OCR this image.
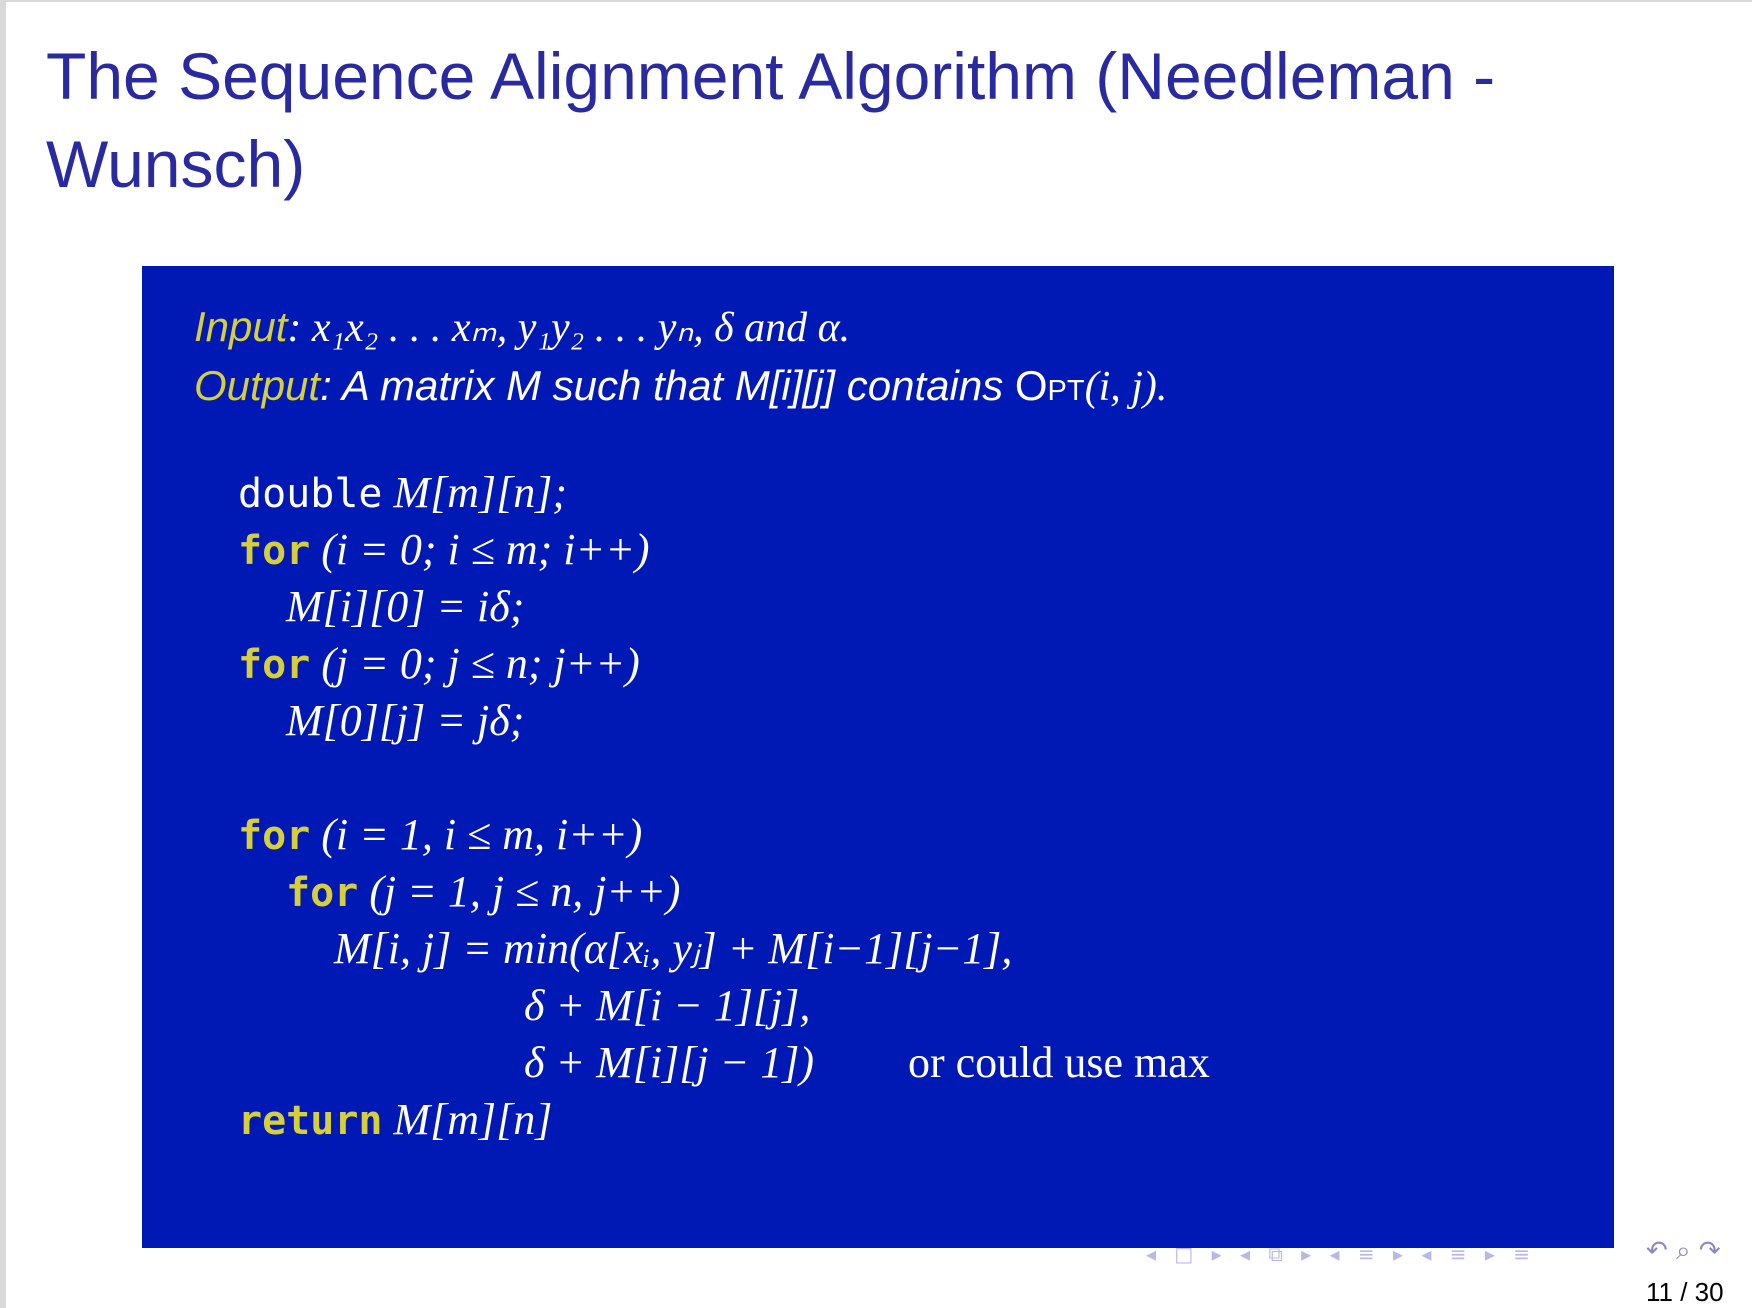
The Sequence Alignment Algorithm (Needleman - Wunsch)
Input: x₁x₂ . . . xₘ, y₁y₂ . . . yₙ, δ and α.
Output: A matrix M such that M[i][j] contains Opt(i, j).
double M[m][n];
for (i = 0; i ≤ m; i++)
M[i][0] = iδ;
for (j = 0; j ≤ n; j++)
M[0][j] = jδ;
for (i = 1, i ≤ m, i++)
for (j = 1, j ≤ n, j++)
M[i, j] = min(α[xᵢ, yⱼ] + M[i−1][j−1],
δ + M[i − 1][j],
δ + M[i][j − 1]) or could use max
return M[m][n]
◂ □ ▸ ◂ ⧉ ▸ ◂ ≡ ▸ ◂ ≡ ▸ ≡	↶ ⌕ ↷
11 / 30
